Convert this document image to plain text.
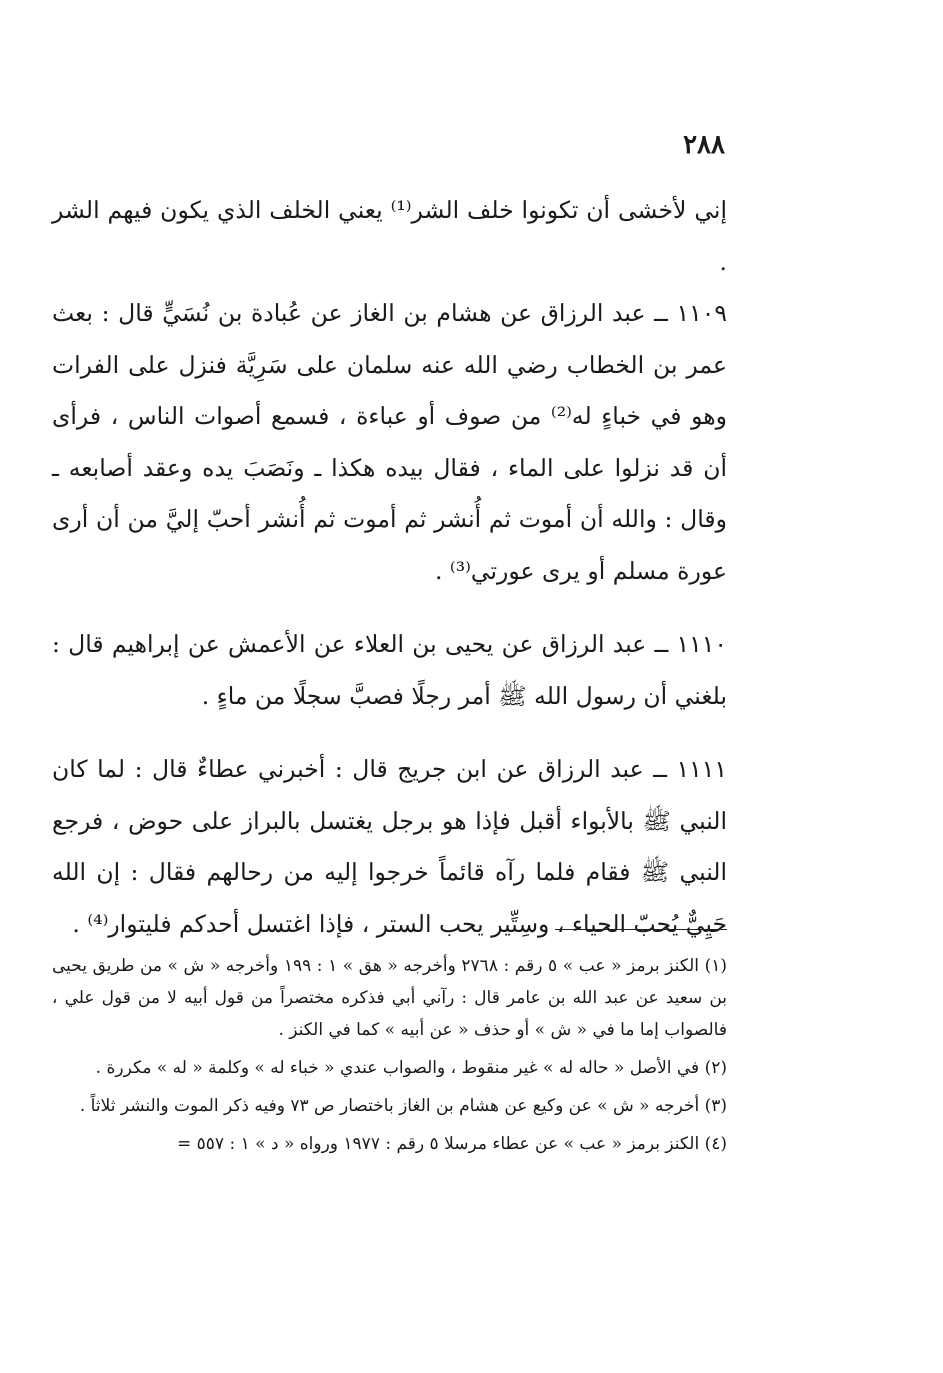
٢٨٨

إني لأخشى أن تكونوا خلف الشر⁽¹⁾ يعني الخلف الذي يكون فيهم الشر .

١١٠٩ ــ عبد الرزاق عن هشام بن الغاز عن عُبادة بن نُسَيٍّ قال : بعث عمر بن الخطاب رضي الله عنه سلمان على سَرِيَّة فنزل على الفرات وهو في خباءٍ له⁽²⁾ من صوف أو عباءة ، فسمع أصوات الناس ، فرأى أن قد نزلوا على الماء ، فقال بيده هكذا ـ ونَصَبَ يده وعقد أصابعه ـ وقال : والله أن أموت ثم أُنشر ثم أموت ثم أُنشر أحبّ إليَّ من أن أرى عورة مسلم أو يرى عورتي⁽³⁾ .

١١١٠ ــ عبد الرزاق عن يحيى بن العلاء عن الأعمش عن إبراهيم قال : بلغني أن رسول الله ﷺ أمر رجلًا فصبَّ سجلًا من ماءٍ .

١١١١ ــ عبد الرزاق عن ابن جريج قال : أخبرني عطاءٌ قال : لما كان النبي ﷺ بالأبواء أقبل فإذا هو برجل يغتسل بالبراز على حوض ، فرجع النبي ﷺ فقام فلما رآه قائماً خرجوا إليه من رحالهم فقال : إن الله حَيِيٌّ يُحبّ الحياء ، وسِتِّير يحب الستر ، فإذا اغتسل أحدكم فليتوار⁽⁴⁾ .

(١) الكنز برمز « عب » ٥ رقم : ٢٧٦٨ وأخرجه « هق » ١ : ١٩٩ وأخرجه « ش » من طريق يحيى بن سعيد عن عبد الله بن عامر قال : رآني أبي فذكره مختصراً من قول أبيه لا من قول علي ، فالصواب إما ما في « ش » أو حذف « عن أبيه » كما في الكنز .

(٢) في الأصل « حاله له » غير منقوط ، والصواب عندي « خباء له » وكلمة « له » مكررة .

(٣) أخرجه « ش » عن وكيع عن هشام بن الغاز باختصار ص ٧٣ وفيه ذكر الموت والنشر ثلاثاً .

(٤) الكنز برمز « عب » عن عطاء مرسلا ٥ رقم : ١٩٧٧ ورواه « د » ١ : ٥٥٧ =
